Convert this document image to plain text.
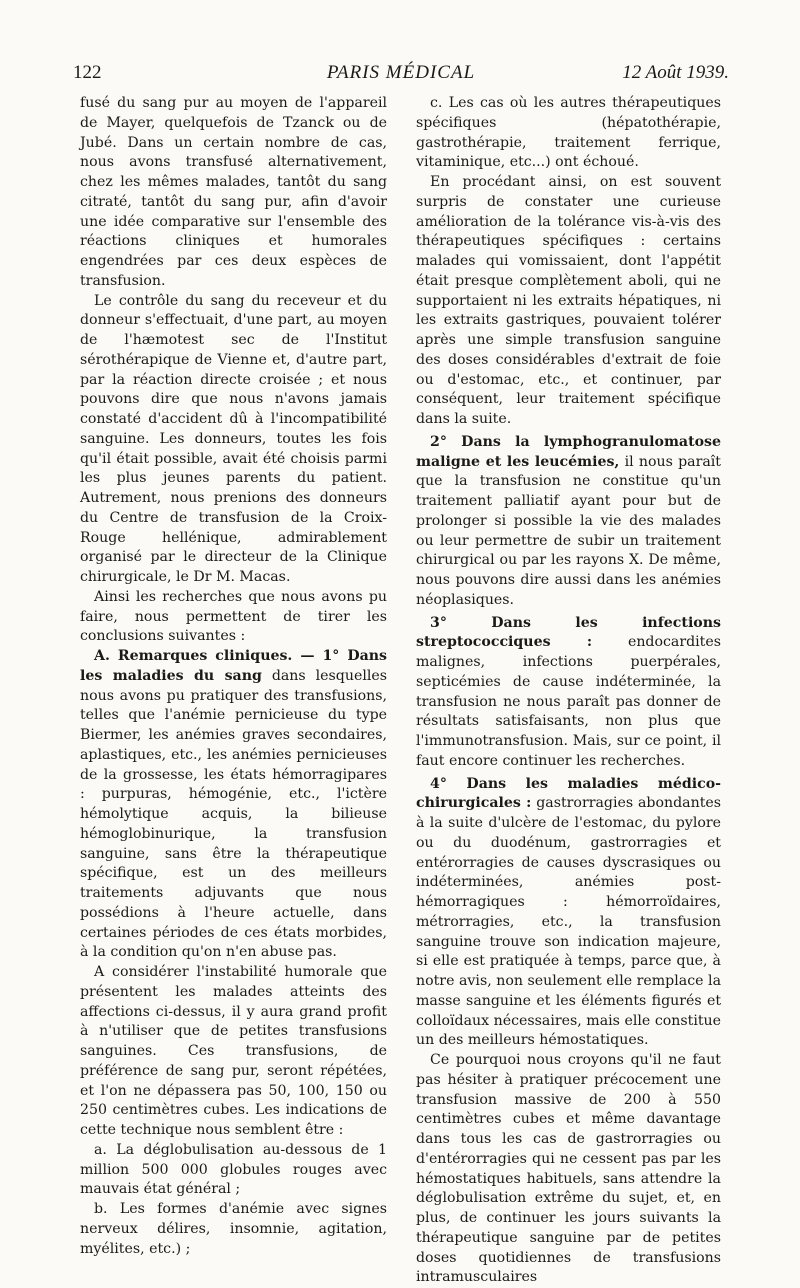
122	PARIS MÉDICAL	12 Août 1939.

fusé du sang pur au moyen de l'appareil de Mayer, quelquefois de Tzanck ou de Jubé. Dans un certain nombre de cas, nous avons transfusé alternativement, chez les mêmes malades, tantôt du sang citraté, tantôt du sang pur, afin d'avoir une idée comparative sur l'ensemble des réactions cliniques et humorales engendrées par ces deux espèces de transfusion.

Le contrôle du sang du receveur et du donneur s'effectuait, d'une part, au moyen de l'hæmotest sec de l'Institut sérothérapique de Vienne et, d'autre part, par la réaction directe croisée ; et nous pouvons dire que nous n'avons jamais constaté d'accident dû à l'incompatibilité sanguine. Les donneurs, toutes les fois qu'il était possible, avait été choisis parmi les plus jeunes parents du patient. Autrement, nous prenions des donneurs du Centre de transfusion de la Croix-Rouge hellénique, admirablement organisé par le directeur de la Clinique chirurgicale, le Dr M. Macas.

Ainsi les recherches que nous avons pu faire, nous permettent de tirer les conclusions suivantes :

A. Remarques cliniques. — 1° Dans les maladies du sang dans lesquelles nous avons pu pratiquer des transfusions, telles que l'anémie pernicieuse du type Biermer, les anémies graves secondaires, aplastiques, etc., les anémies pernicieuses de la grossesse, les états hémorragipares : purpuras, hémogénie, etc., l'ictère hémolytique acquis, la bilieuse hémoglobinurique, la transfusion sanguine, sans être la thérapeutique spécifique, est un des meilleurs traitements adjuvants que nous possédions à l'heure actuelle, dans certaines périodes de ces états morbides, à la condition qu'on n'en abuse pas.

A considérer l'instabilité humorale que présentent les malades atteints des affections ci-dessus, il y aura grand profit à n'utiliser que de petites transfusions sanguines. Ces transfusions, de préférence de sang pur, seront répétées, et l'on ne dépassera pas 50, 100, 150 ou 250 centimètres cubes. Les indications de cette technique nous semblent être :

a. La déglobulisation au-dessous de 1 million 500 000 globules rouges avec mauvais état général ;

b. Les formes d'anémie avec signes nerveux délires, insomnie, agitation, myélites, etc.) ;

c. Les cas où les autres thérapeutiques spécifiques (hépatothérapie, gastrothérapie, traitement ferrique, vitaminique, etc...) ont échoué.

En procédant ainsi, on est souvent surpris de constater une curieuse amélioration de la tolérance vis-à-vis des thérapeutiques spécifiques : certains malades qui vomissaient, dont l'appétit était presque complètement aboli, qui ne supportaient ni les extraits hépatiques, ni les extraits gastriques, pouvaient tolérer après une simple transfusion sanguine des doses considérables d'extrait de foie ou d'estomac, etc., et continuer, par conséquent, leur traitement spécifique dans la suite.

2° Dans la lymphogranulomatose maligne et les leucémies, il nous paraît que la transfusion ne constitue qu'un traitement palliatif ayant pour but de prolonger si possible la vie des malades ou leur permettre de subir un traitement chirurgical ou par les rayons X. De même, nous pouvons dire aussi dans les anémies néoplasiques.

3° Dans les infections streptococciques : endocardites malignes, infections puerpérales, septicémies de cause indéterminée, la transfusion ne nous paraît pas donner de résultats satisfaisants, non plus que l'immunotransfusion. Mais, sur ce point, il faut encore continuer les recherches.

4° Dans les maladies médico-chirurgicales : gastrorragies abondantes à la suite d'ulcère de l'estomac, du pylore ou du duodénum, gastrorragies et entérorragies de causes dyscrasiques ou indéterminées, anémies post-hémorragiques : hémorroïdaires, métrorragies, etc., la transfusion sanguine trouve son indication majeure, si elle est pratiquée à temps, parce que, à notre avis, non seulement elle remplace la masse sanguine et les éléments figurés et colloïdaux nécessaires, mais elle constitue un des meilleurs hémostatiques.

Ce pourquoi nous croyons qu'il ne faut pas hésiter à pratiquer précocement une transfusion massive de 200 à 550 centimètres cubes et même davantage dans tous les cas de gastrorragies ou d'entérorragies qui ne cessent pas par les hémostatiques habituels, sans attendre la déglobulisation extrême du sujet, et, en plus, de continuer les jours suivants la thérapeutique sanguine par de petites doses quotidiennes de transfusions intramusculaires
